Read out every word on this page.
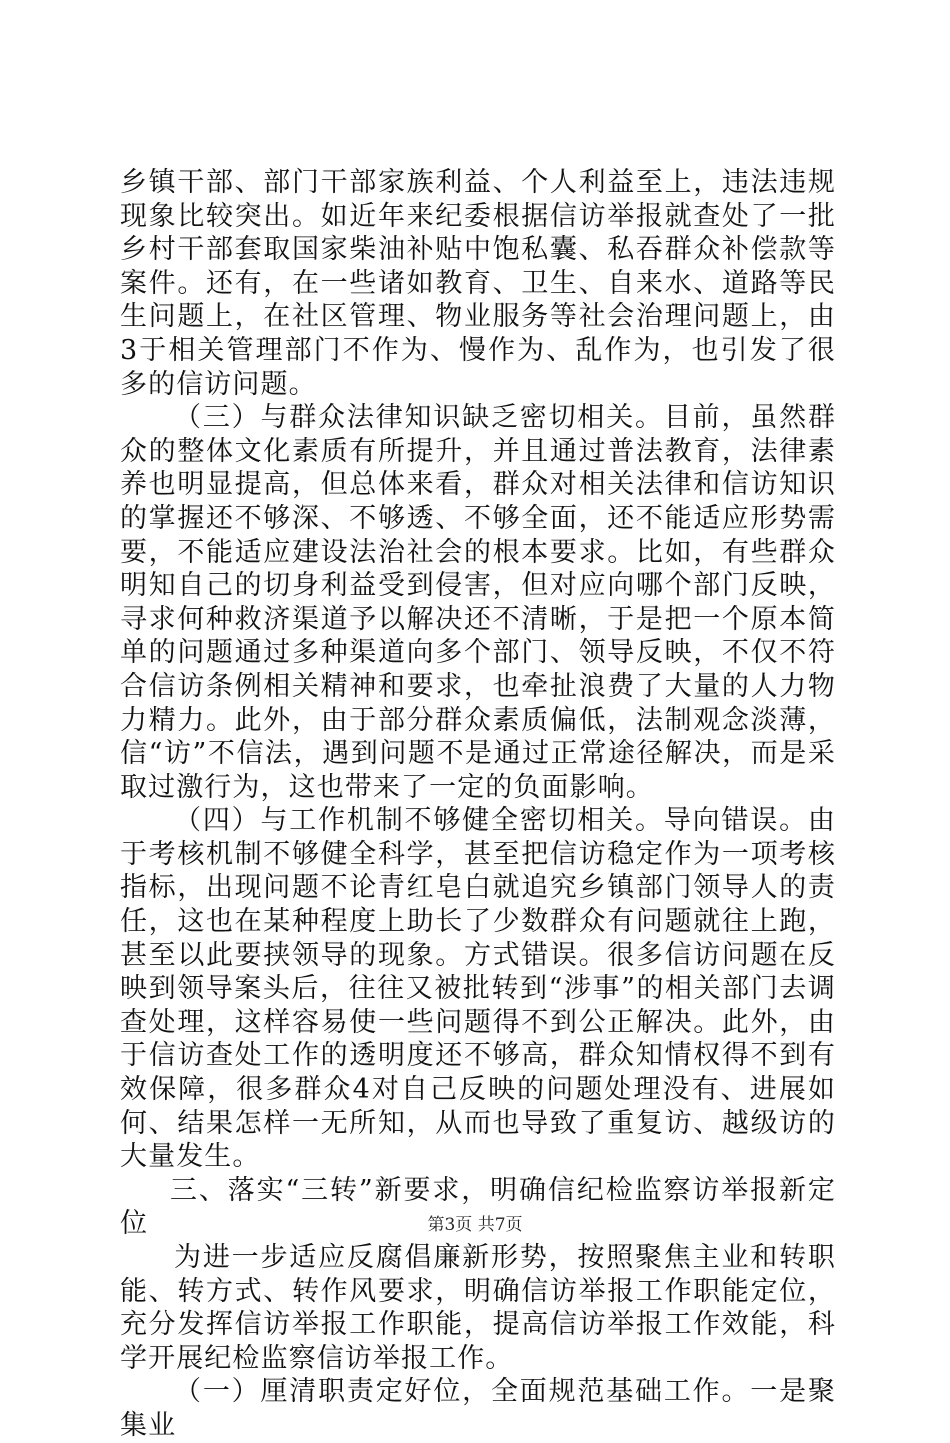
乡镇干部、部门干部家族利益、个人利益至上，违法违规现象比较突出。如近年来纪委根据信访举报就查处了一批乡村干部套取国家柴油补贴中饱私囊、私吞群众补偿款等案件。还有，在一些诸如教育、卫生、自来水、道路等民生问题上，在社区管理、物业服务等社会治理问题上，由3于相关管理部门不作为、慢作为、乱作为，也引发了很多的信访问题。

（三）与群众法律知识缺乏密切相关。目前，虽然群众的整体文化素质有所提升，并且通过普法教育，法律素养也明显提高，但总体来看，群众对相关法律和信访知识的掌握还不够深、不够透、不够全面，还不能适应形势需要，不能适应建设法治社会的根本要求。比如，有些群众明知自己的切身利益受到侵害，但对应向哪个部门反映，寻求何种救济渠道予以解决还不清晰，于是把一个原本简单的问题通过多种渠道向多个部门、领导反映，不仅不符合信访条例相关精神和要求，也牵扯浪费了大量的人力物力精力。此外，由于部分群众素质偏低，法制观念淡薄，信“访”不信法，遇到问题不是通过正常途径解决，而是采取过激行为，这也带来了一定的负面影响。

（四）与工作机制不够健全密切相关。导向错误。由于考核机制不够健全科学，甚至把信访稳定作为一项考核指标，出现问题不论青红皂白就追究乡镇部门领导人的责任，这也在某种程度上助长了少数群众有问题就往上跑，甚至以此要挟领导的现象。方式错误。很多信访问题在反映到领导案头后，往往又被批转到“涉事”的相关部门去调查处理，这样容易使一些问题得不到公正解决。此外，由于信访查处工作的透明度还不够高，群众知情权得不到有效保障，很多群众4对自己反映的问题处理没有、进展如何、结果怎样一无所知，从而也导致了重复访、越级访的大量发生。

三、落实“三转”新要求，明确信纪检监察访举报新定位

为进一步适应反腐倡廉新形势，按照聚焦主业和转职能、转方式、转作风要求，明确信访举报工作职能定位，充分发挥信访举报工作职能，提高信访举报工作效能，科学开展纪检监察信访举报工作。

（一）厘清职责定好位，全面规范基础工作。一是聚集业

第3页 共7页
